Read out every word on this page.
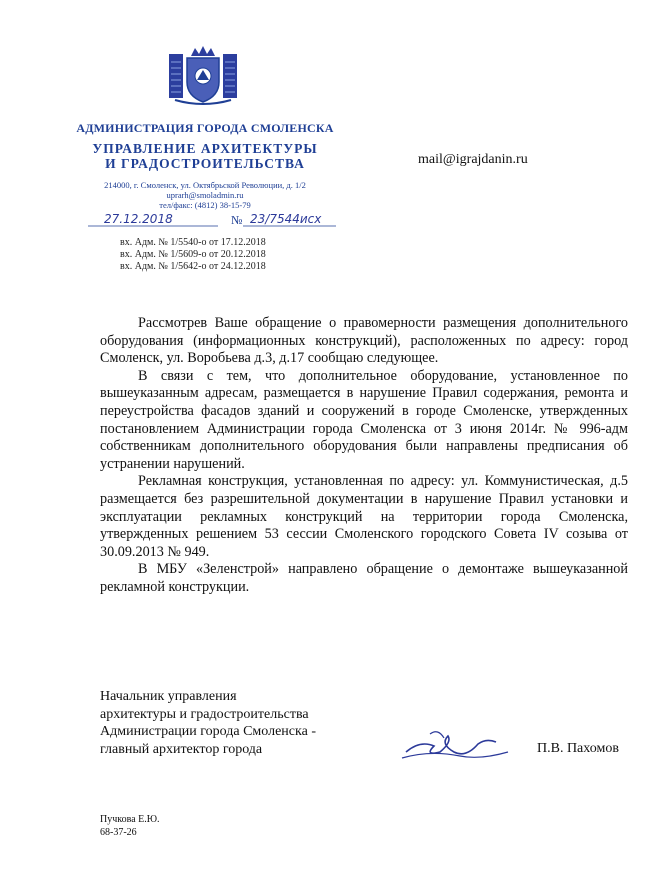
АДМИНИСТРАЦИЯ ГОРОДА СМОЛЕНСКА
УПРАВЛЕНИЕ АРХИТЕКТУРЫ
И ГРАДОСТРОИТЕЛЬСТВА
214000, г. Смоленск, ул. Октябрьской Революции, д. 1/2
uprarh@smoladmin.ru
тел/факс: (4812) 38-15-79
mail@igrajdanin.ru
27.12.2018	№ 23/7544исх
вх. Адм. № 1/5540-о от 17.12.2018
вх. Адм. № 1/5609-о от 20.12.2018
вх. Адм. № 1/5642-о от 24.12.2018

Рассмотрев Ваше обращение о правомерности размещения дополнительного оборудования (информационных конструкций), расположенных по адресу: город Смоленск, ул. Воробьева д.3, д.17 сообщаю следующее.

В связи с тем, что дополнительное оборудование, установленное по вышеуказанным адресам, размещается в нарушение Правил содержания, ремонта и переустройства фасадов зданий и сооружений в городе Смоленске, утвержденных постановлением Администрации города Смоленска от 3 июня 2014г. № 996-адм собственникам дополнительного оборудования были направлены предписания об устранении нарушений.

Рекламная конструкция, установленная по адресу: ул. Коммунистическая, д.5 размещается без разрешительной документации в нарушение Правил установки и эксплуатации рекламных конструкций на территории города Смоленска, утвержденных решением 53 сессии Смоленского городского Совета IV созыва от 30.09.2013 № 949.

В МБУ «Зеленстрой» направлено обращение о демонтаже вышеуказанной рекламной конструкции.

Начальник управления
архитектуры и градостроительства
Администрации города Смоленска -
главный архитектор города	П.В. Пахомов
Пучкова Е.Ю.
68-37-26
